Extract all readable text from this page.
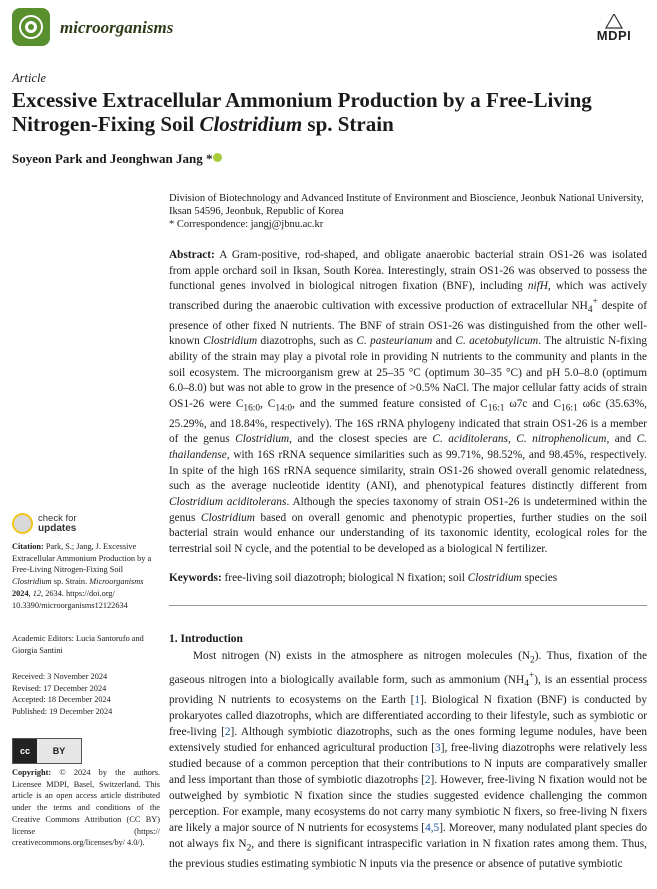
microorganisms	MDPI
Article
Excessive Extracellular Ammonium Production by a Free-Living Nitrogen-Fixing Soil Clostridium sp. Strain
Soyeon Park and Jeonghwan Jang *
Division of Biotechnology and Advanced Institute of Environment and Bioscience, Jeonbuk National University, Iksan 54596, Jeonbuk, Republic of Korea
* Correspondence: jangj@jbnu.ac.kr
Abstract: A Gram-positive, rod-shaped, and obligate anaerobic bacterial strain OS1-26 was isolated from apple orchard soil in Iksan, South Korea. Interestingly, strain OS1-26 was observed to possess the functional genes involved in biological nitrogen fixation (BNF), including nifH, which was actively transcribed during the anaerobic cultivation with excessive production of extracellular $NH_4^+$ despite of presence of other fixed N nutrients. The BNF of strain OS1-26 was distinguished from the other well-known Clostridium diazotrophs, such as C. pasteurianum and C. acetobutylicum. The altruistic N-fixing ability of the strain may play a pivotal role in providing N nutrients to the community and plants in the soil ecosystem. The microorganism grew at 25–35 °C (optimum 30–35 °C) and pH 5.0–8.0 (optimum 6.0–8.0) but was not able to grow in the presence of >0.5% NaCl. The major cellular fatty acids of strain OS1-26 were $C_{16:0}$, $C_{14:0}$, and the summed feature consisted of $C_{16:1}$ ω7c and $C_{16:1}$ ω6c (35.63%, 25.29%, and 18.84%, respectively). The 16S rRNA phylogeny indicated that strain OS1-26 is a member of the genus Clostridium, and the closest species are C. aciditolerans, C. nitrophenolicum, and C. thailandense, with 16S rRNA sequence similarities such as 99.71%, 98.52%, and 98.45%, respectively. In spite of the high 16S rRNA sequence similarity, strain OS1-26 showed overall genomic relatedness, such as the average nucleotide identity (ANI), and phenotypical features distinctly different from Clostridium aciditolerans. Although the species taxonomy of strain OS1-26 is undetermined within the genus Clostridium based on overall genomic and phenotypic properties, further studies on the soil bacterial strain would enhance our understanding of its taxonomic identity, ecological roles for the terrestrial soil N cycle, and the potential to be developed as a biological N fertilizer.
Keywords: free-living soil diazotroph; biological N fixation; soil Clostridium species
1. Introduction
Most nitrogen (N) exists in the atmosphere as nitrogen molecules $(N_2)$. Thus, fixation of the gaseous nitrogen into a biologically available form, such as ammonium $(NH_4^+)$, is an essential process providing N nutrients to ecosystems on the Earth [1]. Biological N fixation (BNF) is conducted by prokaryotes called diazotrophs, which are differentiated according to their lifestyle, such as symbiotic or free-living [2]. Although symbiotic diazotrophs, such as the ones forming legume nodules, have been extensively studied for enhanced agricultural production [3], free-living diazotrophs were relatively less studied because of a common perception that their contributions to N inputs are comparatively smaller and less important than those of symbiotic diazotrophs [2]. However, free-living N fixation would not be outweighed by symbiotic N fixation since the studies suggested evidence challenging the common perception. For example, many ecosystems do not carry many symbiotic N fixers, so free-living N fixers are likely a major source of N nutrients for ecosystems [4,5]. Moreover, many nodulated plant species do not always fix $N_2$, and there is significant intraspecific variation in N fixation rates among them. Thus, the previous studies estimating symbiotic N inputs via the presence or absence of putative symbiotic
check for
updates
Citation: Park, S.; Jang, J. Excessive Extracellular Ammonium Production by a Free-Living Nitrogen-Fixing Soil Clostridium sp. Strain. Microorganisms 2024, 12, 2634. https://doi.org/ 10.3390/microorganisms12122634
Academic Editors: Lucia Santorufo and Giorgia Santini
Received: 3 November 2024
Revised: 17 December 2024
Accepted: 18 December 2024
Published: 19 December 2024
cc	BY
Copyright: © 2024 by the authors. Licensee MDPI, Basel, Switzerland. This article is an open access article distributed under the terms and conditions of the Creative Commons Attribution (CC BY) license (https:// creativecommons.org/licenses/by/ 4.0/).
